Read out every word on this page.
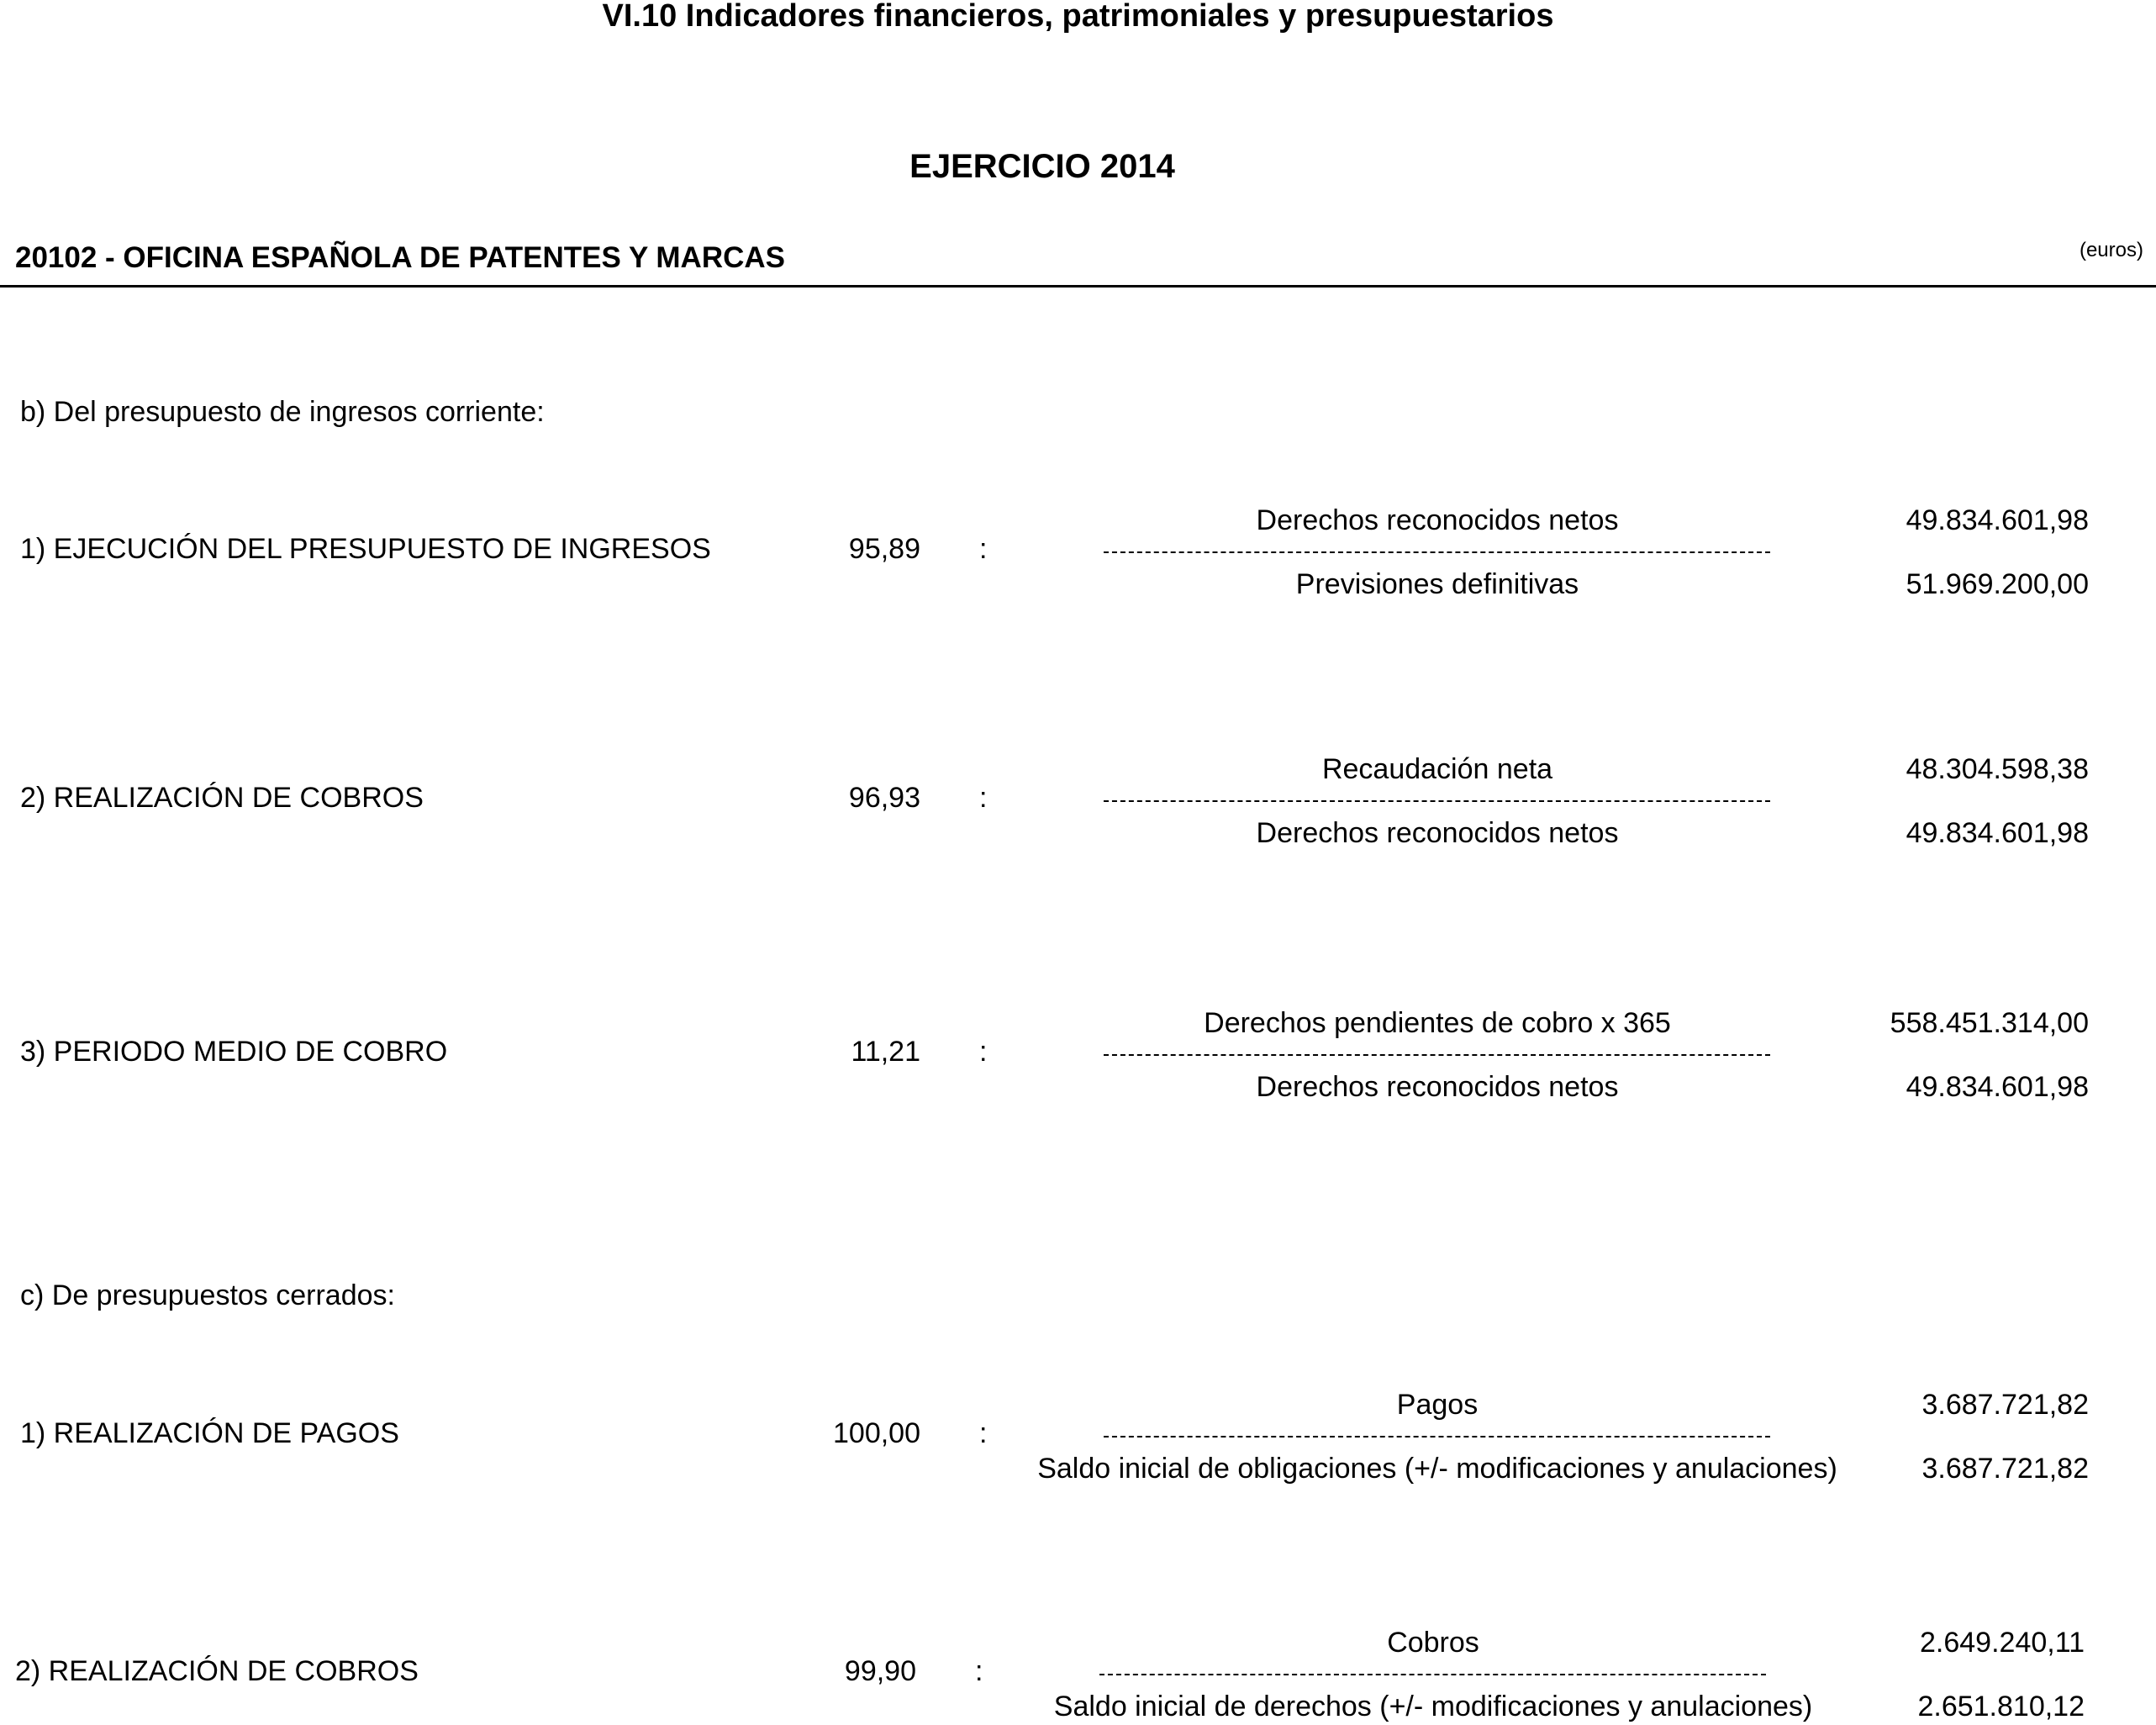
VI.10 Indicadores financieros, patrimoniales y presupuestarios
EJERCICIO 2014
20102 - OFICINA ESPAÑOLA DE PATENTES Y MARCAS	(euros)
b) Del presupuesto de ingresos corriente:
1) EJECUCIÓN DEL PRESUPUESTO DE INGRESOS	95,89 :
Derechos reconocidos netos	49.834.601,98
Previsiones definitivas	51.969.200,00
2) REALIZACIÓN DE COBROS	96,93 :
Recaudación neta	48.304.598,38
Derechos reconocidos netos	49.834.601,98
3) PERIODO MEDIO DE COBRO	11,21 :
Derechos pendientes de cobro x 365	558.451.314,00
Derechos reconocidos netos	49.834.601,98
c) De presupuestos cerrados:
1) REALIZACIÓN DE PAGOS	100,00 :
Pagos	3.687.721,82
Saldo inicial de obligaciones (+/- modificaciones y anulaciones)	3.687.721,82
2) REALIZACIÓN DE COBROS	99,90 :
Cobros	2.649.240,11
Saldo inicial de derechos (+/- modificaciones y anulaciones)	2.651.810,12
